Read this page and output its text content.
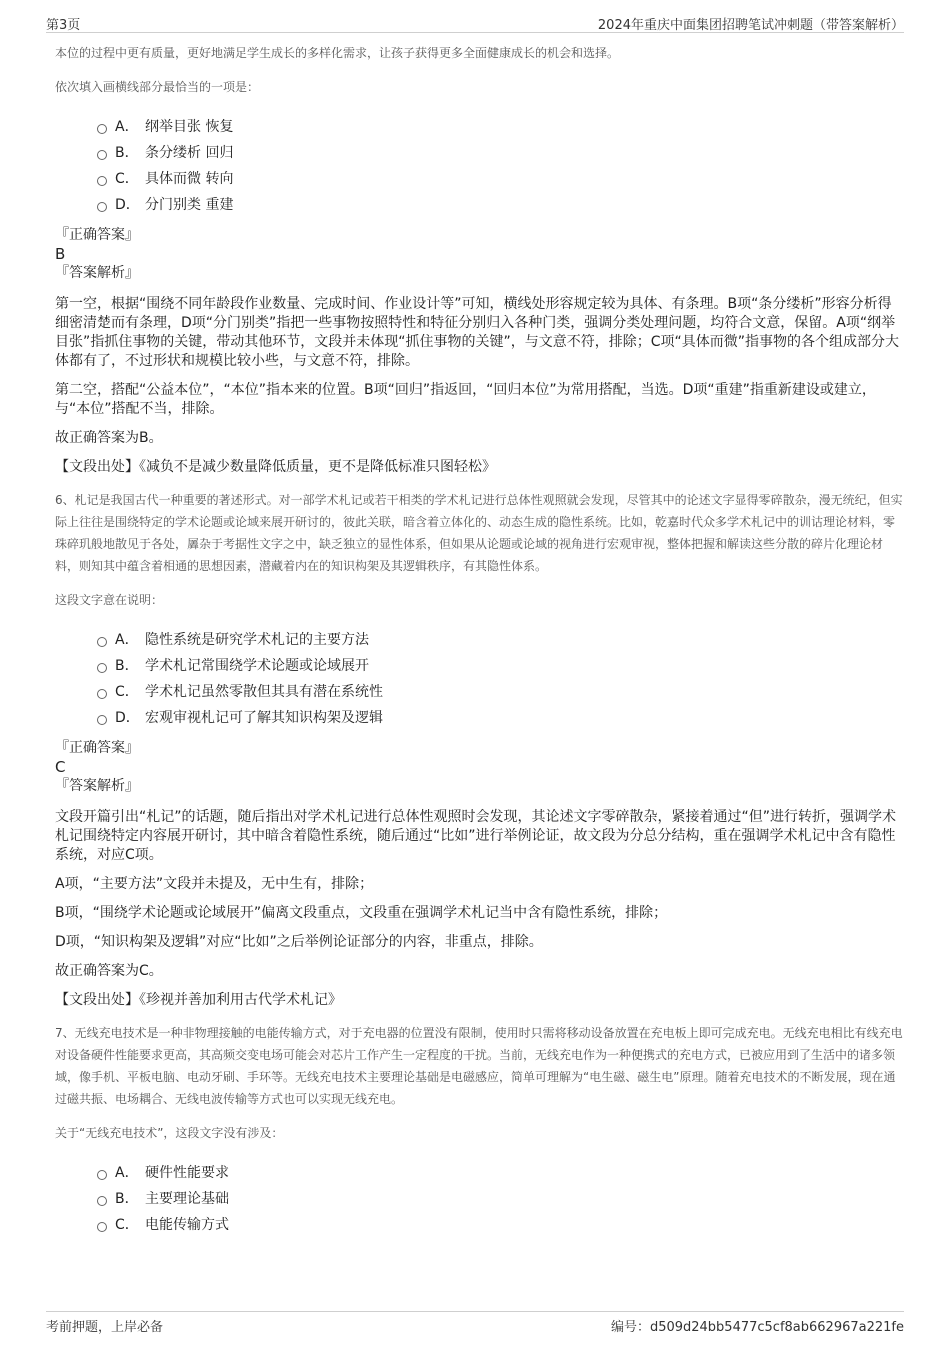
第3页	2024年重庆中面集团招聘笔试冲刺题（带答案解析）

本位的过程中更有质量，更好地满足学生成长的多样化需求，让孩子获得更多全面健康成长的机会和选择。

依次填入画横线部分最恰当的一项是：

A． 纲举目张 恢复
B． 条分缕析 回归
C． 具体而微 转向
D． 分门别类 重建

『正确答案』

B

『答案解析』

第一空，根据“围绕不同年龄段作业数量、完成时间、作业设计等”可知，横线处形容规定较为具体、有条理。B项“条分缕析”形容分析得细密清楚而有条理，D项“分门别类”指把一些事物按照特性和特征分别归入各种门类，强调分类处理问题，均符合文意，保留。A项“纲举目张”指抓住事物的关键，带动其他环节，文段并未体现“抓住事物的关键”，与文意不符，排除；C项“具体而微”指事物的各个组成部分大体都有了，不过形状和规模比较小些，与文意不符，排除。

第二空，搭配“公益本位”，“本位”指本来的位置。B项“回归”指返回，“回归本位”为常用搭配，当选。D项“重建”指重新建设或建立，与“本位”搭配不当，排除。

故正确答案为B。

【文段出处】《减负不是减少数量降低质量，更不是降低标准只图轻松》

6、札记是我国古代一种重要的著述形式。对一部学术札记或若干相类的学术札记进行总体性观照就会发现，尽管其中的论述文字显得零碎散杂，漫无统纪，但实际上往往是围绕特定的学术论题或论域来展开研讨的，彼此关联，暗含着立体化的、动态生成的隐性系统。比如，乾嘉时代众多学术札记中的训诂理论材料，零珠碎玑般地散见于各处，羼杂于考据性文字之中，缺乏独立的显性体系，但如果从论题或论域的视角进行宏观审视，整体把握和解读这些分散的碎片化理论材料，则知其中蕴含着相通的思想因素，潜藏着内在的知识构架及其逻辑秩序，有其隐性体系。

这段文字意在说明：

A． 隐性系统是研究学术札记的主要方法
B． 学术札记常围绕学术论题或论域展开
C． 学术札记虽然零散但其具有潜在系统性
D． 宏观审视札记可了解其知识构架及逻辑

『正确答案』

C

『答案解析』

文段开篇引出“札记”的话题，随后指出对学术札记进行总体性观照时会发现，其论述文字零碎散杂，紧接着通过“但”进行转折，强调学术札记围绕特定内容展开研讨，其中暗含着隐性系统，随后通过“比如”进行举例论证，故文段为分总分结构，重在强调学术札记中含有隐性系统，对应C项。

A项，“主要方法”文段并未提及，无中生有，排除；

B项，“围绕学术论题或论域展开”偏离文段重点，文段重在强调学术札记当中含有隐性系统，排除；

D项，“知识构架及逻辑”对应“比如”之后举例论证部分的内容，非重点，排除。

故正确答案为C。

【文段出处】《珍视并善加利用古代学术札记》

7、无线充电技术是一种非物理接触的电能传输方式，对于充电器的位置没有限制，使用时只需将移动设备放置在充电板上即可完成充电。无线充电相比有线充电对设备硬件性能要求更高，其高频交变电场可能会对芯片工作产生一定程度的干扰。当前，无线充电作为一种便携式的充电方式，已被应用到了生活中的诸多领域，像手机、平板电脑、电动牙刷、手环等。无线充电技术主要理论基础是电磁感应，简单可理解为“电生磁、磁生电”原理。随着充电技术的不断发展，现在通过磁共振、电场耦合、无线电波传输等方式也可以实现无线充电。

关于“无线充电技术”，这段文字没有涉及：

A． 硬件性能要求
B． 主要理论基础
C． 电能传输方式
考前押题，上岸必备	编号：d509d24bb5477c5cf8ab662967a221fe
